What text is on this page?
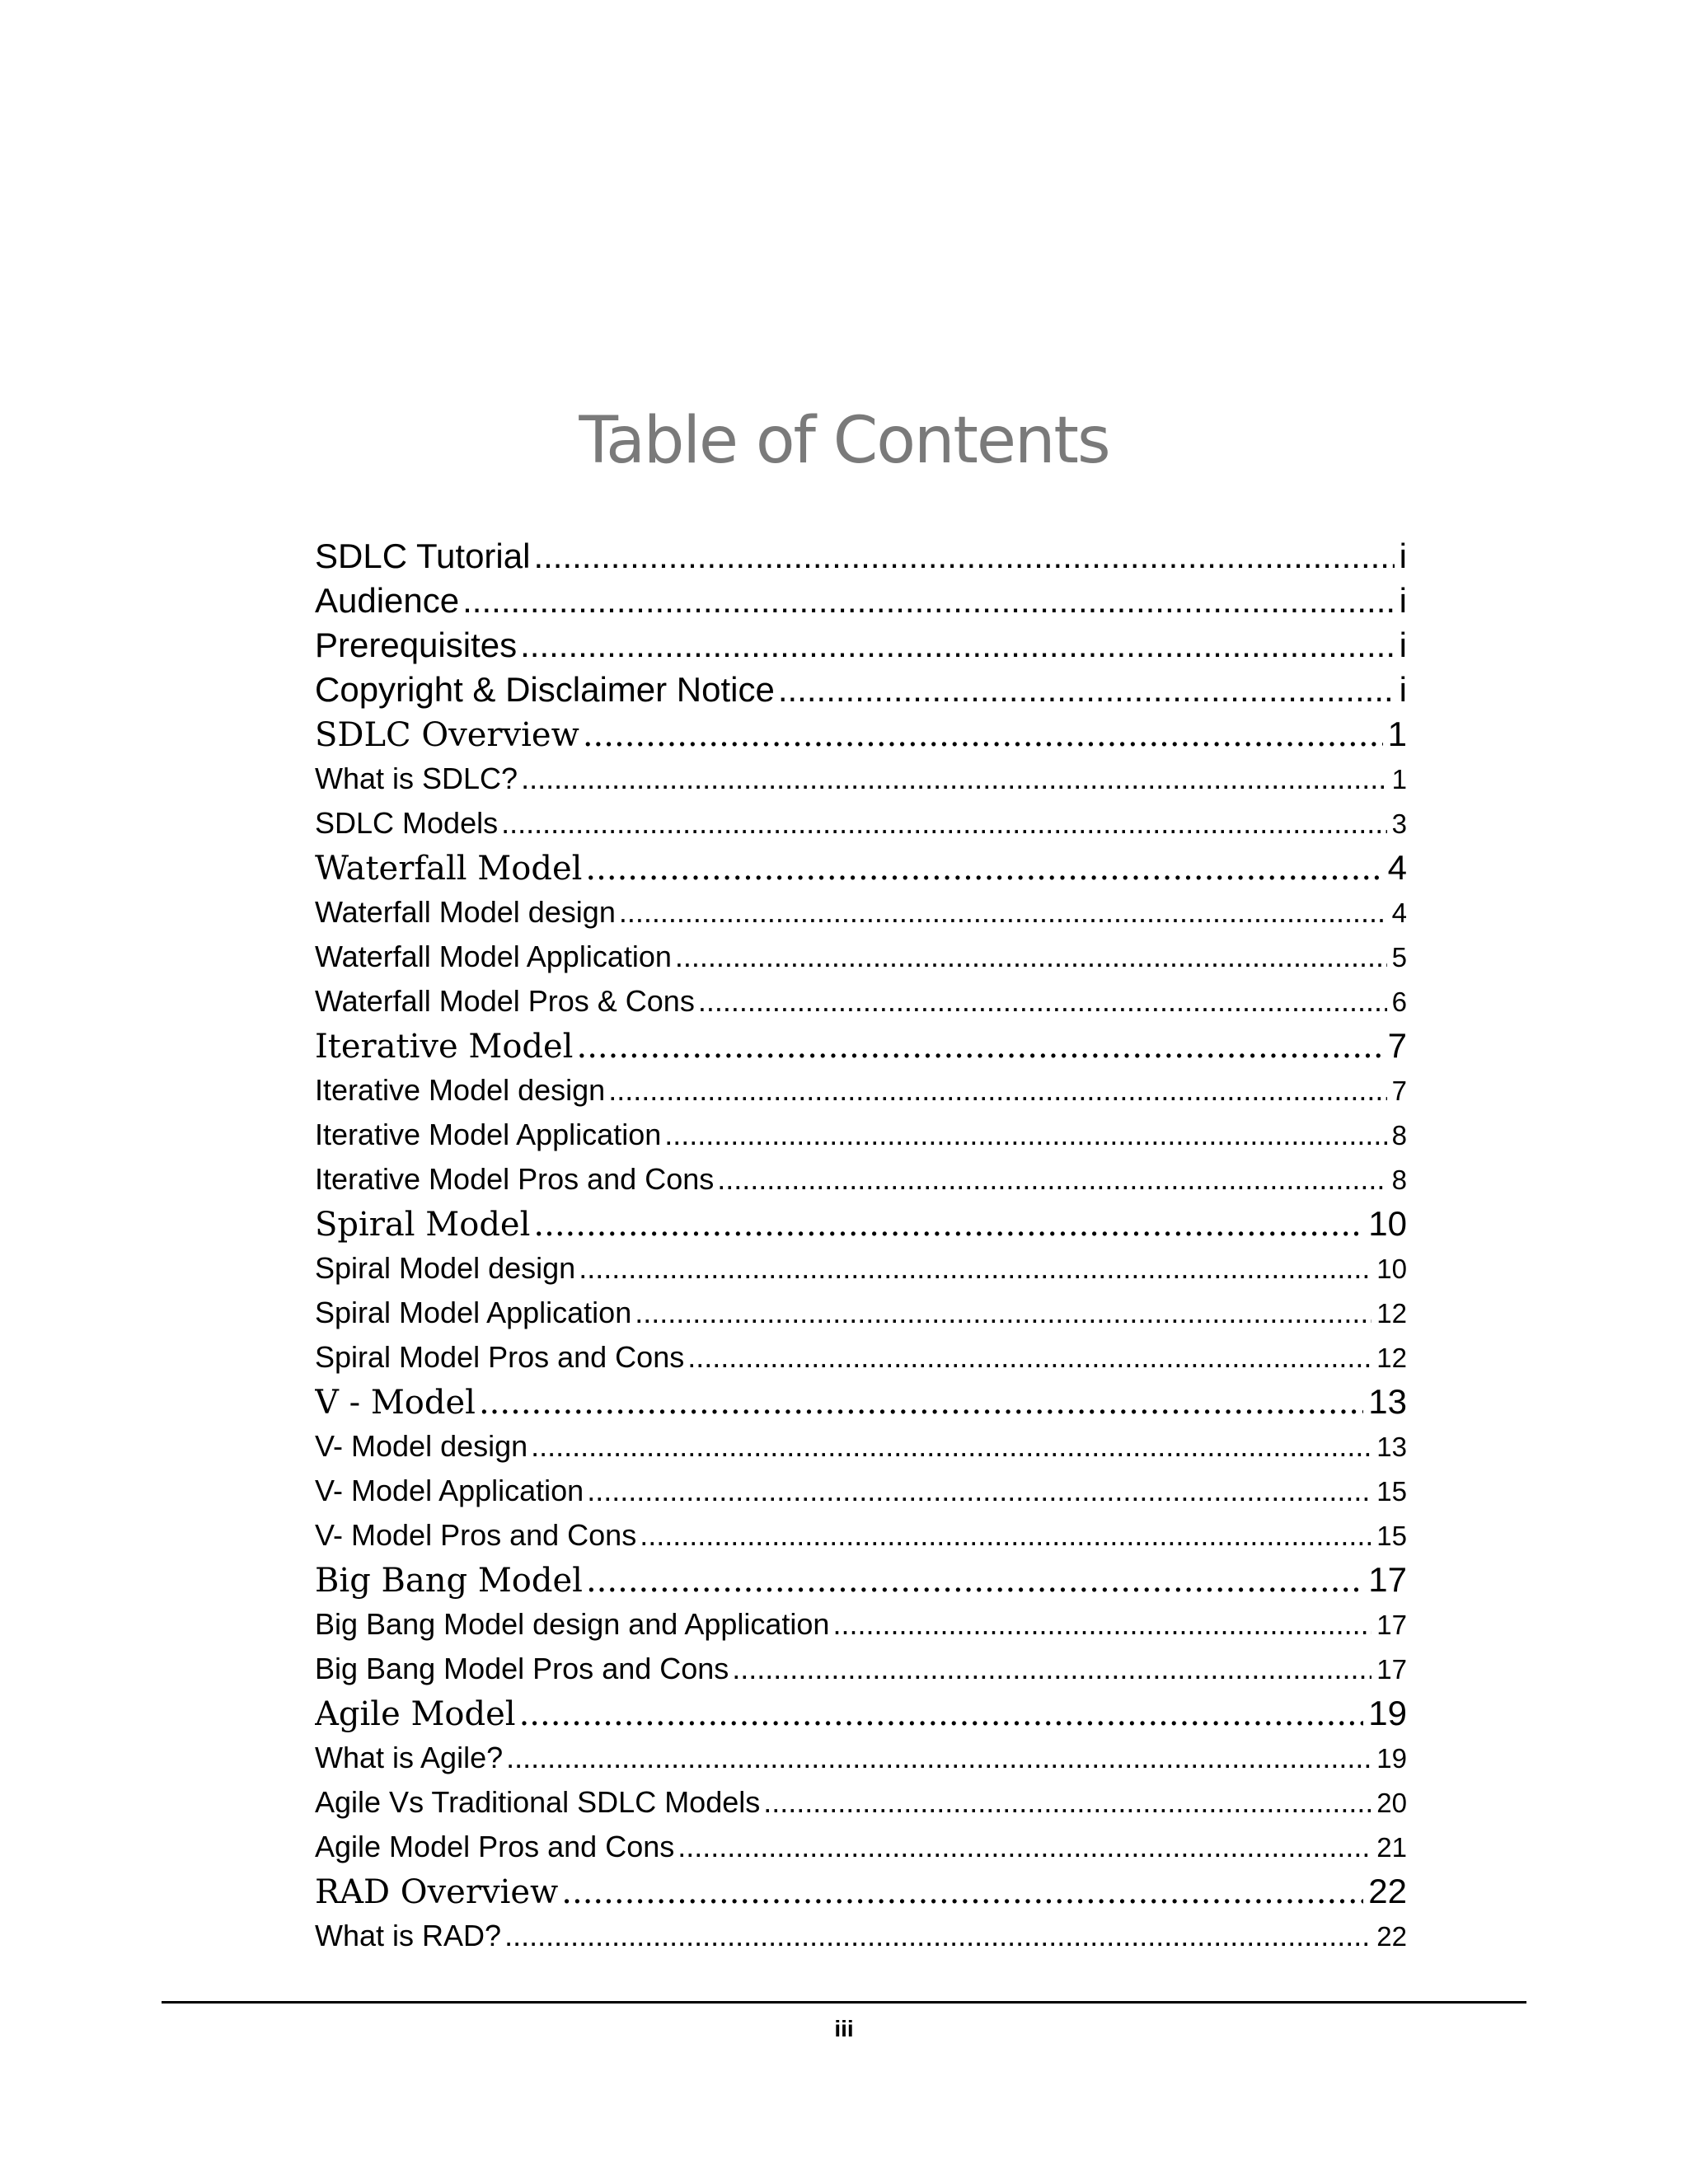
Table of Contents
SDLC Tutorial .....	i
Audience .....	i
Prerequisites .....	i
Copyright & Disclaimer Notice .....	i
SDLC Overview .....	1
What is SDLC? .....	1
SDLC Models .....	3
Waterfall Model .....	4
Waterfall Model design .....	4
Waterfall Model Application .....	5
Waterfall Model Pros & Cons .....	6
Iterative Model .....	7
Iterative Model design .....	7
Iterative Model Application .....	8
Iterative Model Pros and Cons .....	8
Spiral Model .....	10
Spiral Model design .....	10
Spiral Model Application .....	12
Spiral Model Pros and Cons .....	12
V - Model .....	13
V- Model design .....	13
V- Model Application .....	15
V- Model Pros and Cons .....	15
Big Bang Model .....	17
Big Bang Model design and Application .....	17
Big Bang Model Pros and Cons .....	17
Agile Model .....	19
What is Agile? .....	19
Agile Vs Traditional SDLC Models .....	20
Agile Model Pros and Cons .....	21
RAD Overview .....	22
What is RAD? .....	22
iii
